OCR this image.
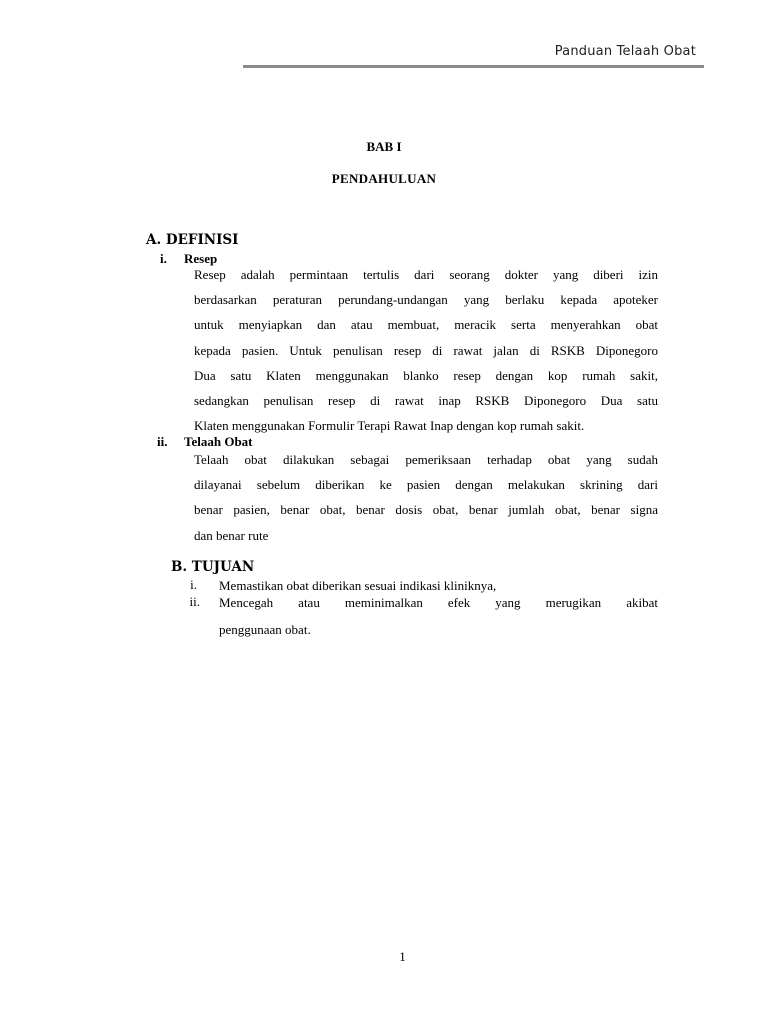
Panduan Telaah Obat
BAB I
PENDAHULUAN
A. DEFINISI
i. Resep
Resep adalah permintaan tertulis dari seorang dokter yang diberi izin
berdasarkan peraturan perundang-undangan yang berlaku kepada apoteker
untuk menyiapkan dan atau membuat, meracik serta menyerahkan obat
kepada pasien. Untuk penulisan resep di rawat jalan di RSKB Diponegoro
Dua satu Klaten menggunakan blanko resep dengan kop rumah sakit,
sedangkan penulisan resep di rawat inap RSKB Diponegoro Dua satu
Klaten menggunakan Formulir Terapi Rawat Inap dengan kop rumah sakit.
ii. Telaah Obat
Telaah obat dilakukan sebagai pemeriksaan terhadap obat yang sudah
dilayanai sebelum diberikan ke pasien dengan melakukan skrining dari
benar pasien, benar obat, benar dosis obat, benar jumlah obat, benar signa
dan benar rute
B. TUJUAN
i. Memastikan obat diberikan sesuai indikasi kliniknya,
ii. Mencegah atau meminimalkan efek yang merugikan akibat
penggunaan obat.
1
